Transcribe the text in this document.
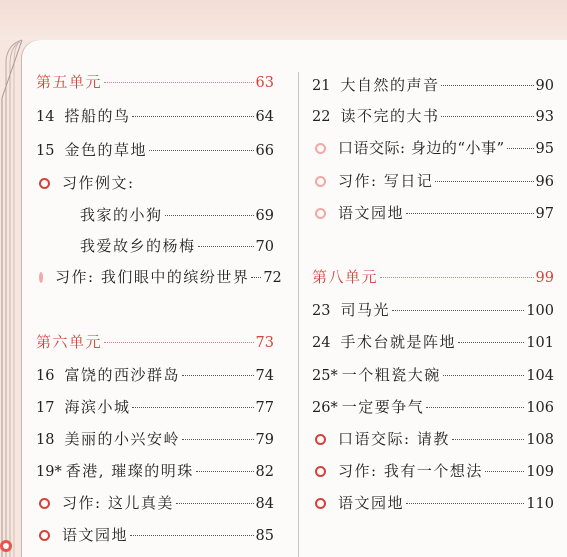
第五单元	63
14 搭船的鸟	64
15 金色的草地	66
习作例文:
我家的小狗	69
我爱故乡的杨梅	70
习作: 我们眼中的缤纷世界 72
第六单元	73
16 富饶的西沙群岛	74
17 海滨小城	77
18 美丽的小兴安岭	79
19* 香港, 璀璨的明珠	82
习作: 这儿真美	84
语文园地	85
21 大自然的声音	90
22 读不完的大书	93
口语交际: 身边的“小事” 95
习作: 写日记	96
语文园地	97
第八单元	99
23 司马光	100
24 手术台就是阵地	101
25* 一个粗瓷大碗	104
26* 一定要争气	106
口语交际: 请教	108
习作: 我有一个想法	109
语文园地	110
